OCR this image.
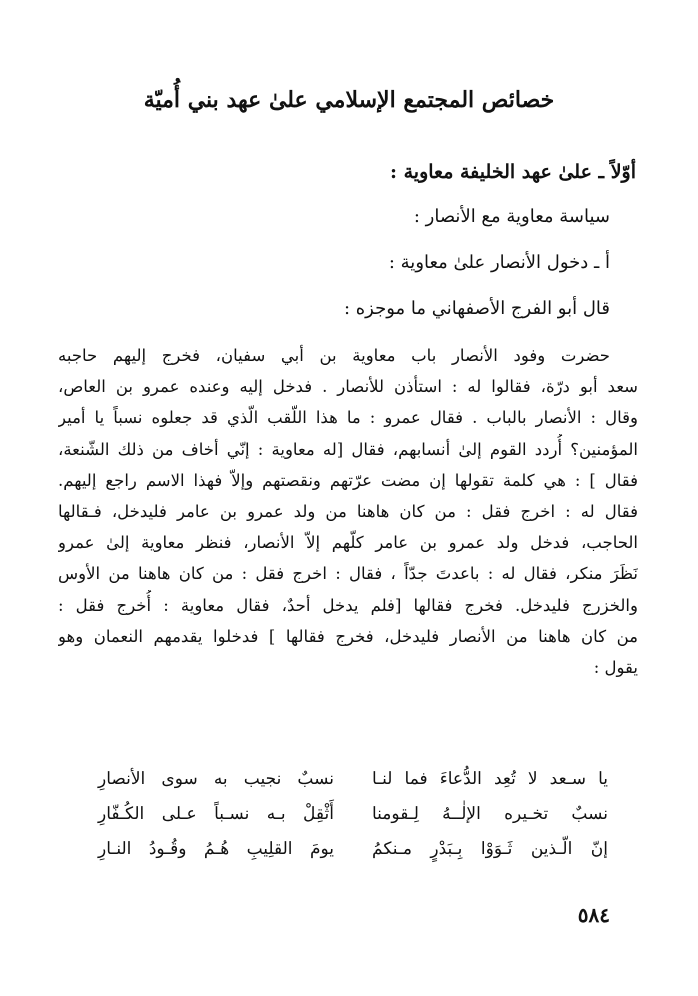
خصائص المجتمع الإسلامي علىٰ عهد بني أُميّة
أوّلاً ـ علىٰ عهد الخليفة معاوية :
سياسة معاوية مع الأنصار :
أ ـ دخول الأنصار علىٰ معاوية :
قال أبو الفرج الأصفهاني ما موجزه :
حضرت وفود الأنصار باب معاوية بن أبي سفيان، فخرج إليهم حاجبه
سعد أبو درّة، فقالوا له : استأذن للأنصار . فدخل إليه وعنده عمرو بن العاص،
وقال : الأنصار بالباب . فقال عمرو : ما هذا اللّقب الّذي قد جعلوه نسباً يا أمير
المؤمنين؟ أُردد القوم إلىٰ أنسابهم، فقال [له معاوية : إنّي أخاف من ذلك الشّنعة،
فقال ] : هي كلمة تقولها إن مضت عرّتهم ونقصتهم وإلاّ فهذا الاسم راجع إليهم.
فقال له : اخرج فقل : من كان هاهنا من ولد عمرو بن عامر فليدخل، فـقالها
الحاجب، فدخل ولد عمرو بن عامر كلّهم إلاّ الأنصار، فنظر معاوية إلىٰ عمرو
نَظَرَ منكر، فقال له : باعدتَ جدّاً ، فقال : اخرج فقل : من كان هاهنا من الأوس
والخزرج فليدخل. فخرج فقالها [فلم يدخل أحدٌ، فقال معاوية : أُخرج فقل :
من كان هاهنا من الأنصار فليدخل، فخرج فقالها ] فدخلوا يقدمهم النعمان وهو
يقول :
يا سـعد لا تُعِد الدُّعاءَ فما لنـا
نسبٌ نجيب به سوى الأنصارِ
نسبٌ تخـيره الإلٰــهُ لِـقومنا
أَثْقِلْ بـه نسـباً عـلى الكُـفّارِ
إنّ الّـذين ثَـوَوْا بِـبَدْرٍ مـنكمُ
يومَ القلِيبِ هُـمُ وقُـودُ النـارِ
٥٨٤
